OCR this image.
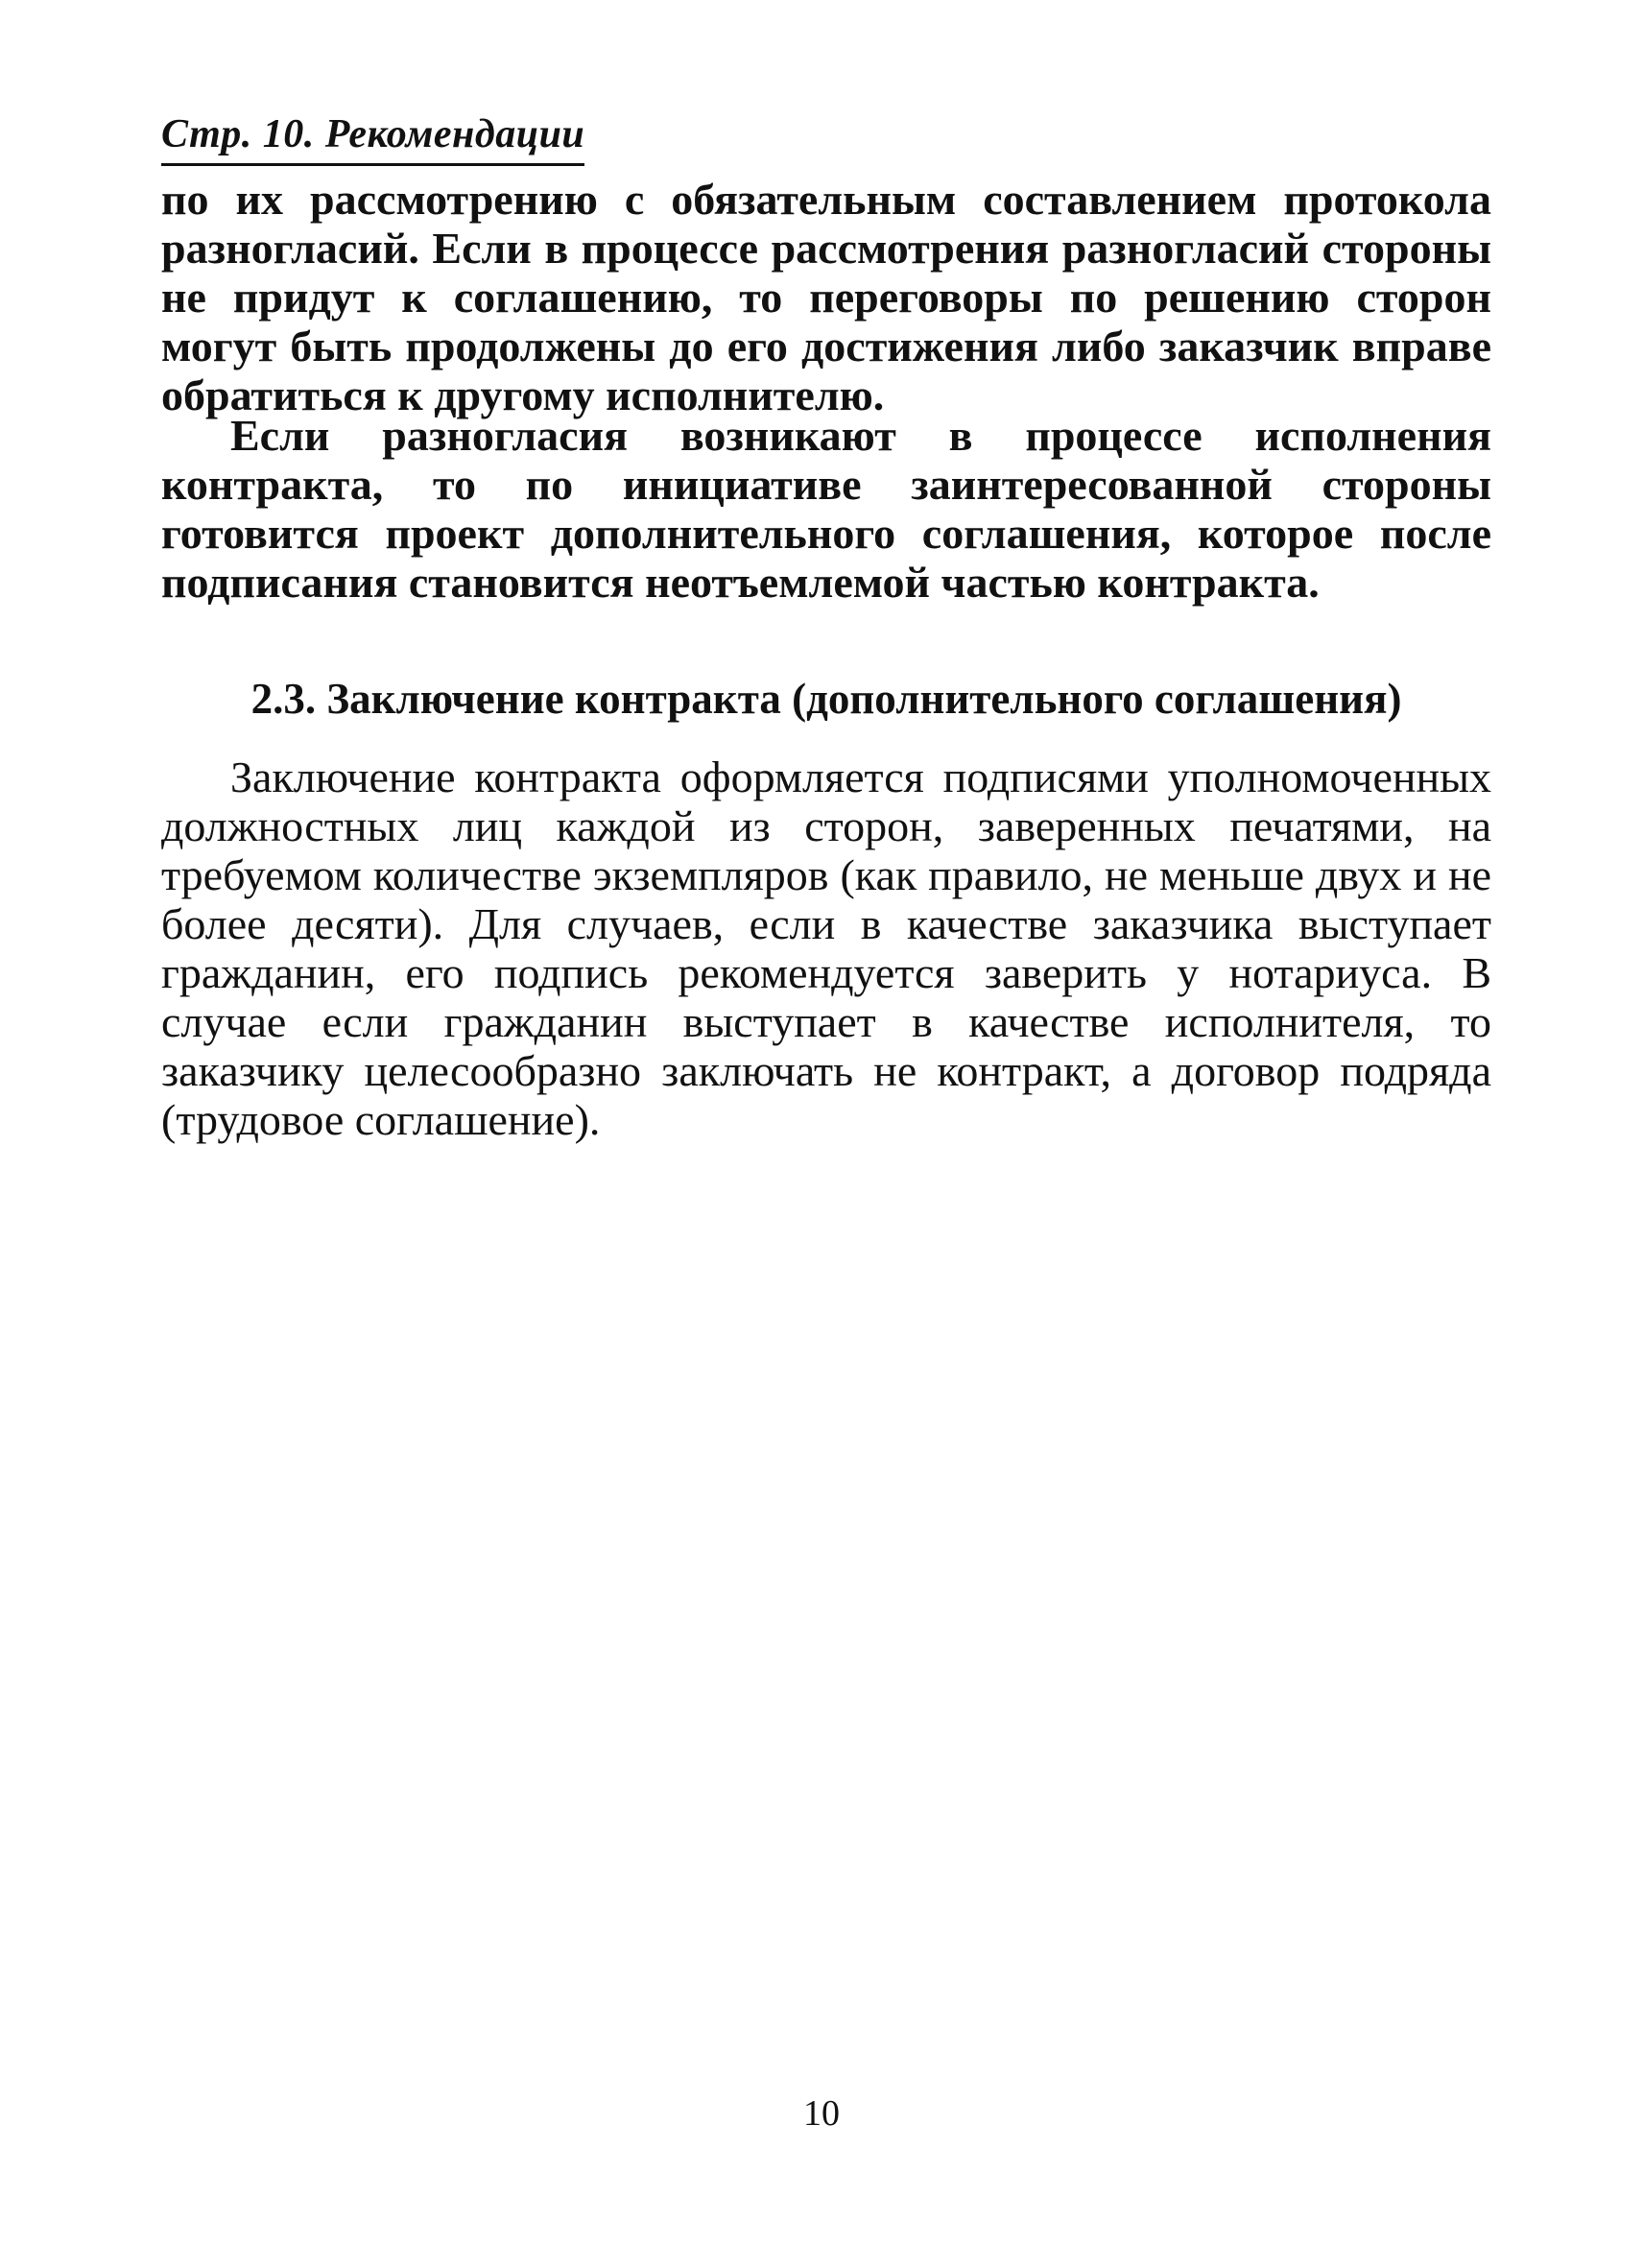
Стр. 10. Рекомендации

по их рассмотрению с обязательным составлением протокола разногласий. Если в процессе рассмотрения разногласий стороны не придут к соглашению, то переговоры по решению сторон могут быть продолжены до его достижения либо заказчик вправе обратиться к другому исполнителю.

Если разногласия возникают в процессе исполнения контракта, то по инициативе заинтересованной стороны готовится проект дополнительного соглашения, которое после подписания становится неотъемлемой частью контракта.

2.3. Заключение контракта (дополнительного соглашения)

Заключение контракта оформляется подписями уполномоченных должностных лиц каждой из сторон, заверенных печатями, на требуемом количестве экземпляров (как правило, не меньше двух и не более десяти). Для случаев, если в качестве заказчика выступает гражданин, его подпись рекомендуется заверить у нотариуса. В случае если гражданин выступает в качестве исполнителя, то заказчику целесообразно заключать не контракт, а договор подряда (трудовое соглашение).

10
